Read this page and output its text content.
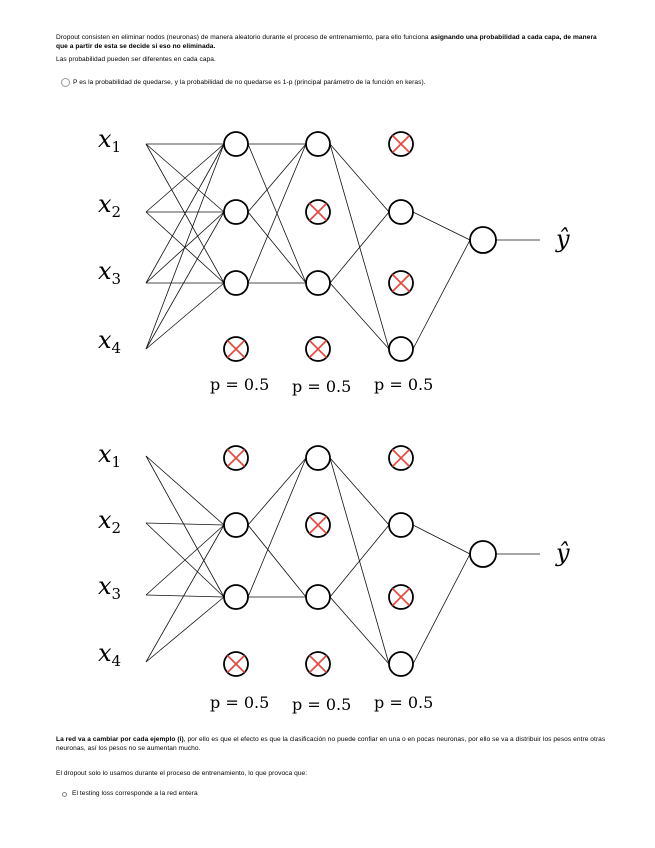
Dropout consisten en eliminar nodos (neuronas) de manera aleatorio durante el proceso de entrenamiento, para ello funciona asignando una probabilidad a cada capa, de manera que a partir de esta se decide si eso no eliminada.
Las probabilidad pueden ser diferentes en cada capa.
P es la probabilidad de quedarse, y la probabilidad de no quedarse es 1-p (principal parámetro de la función en keras).
$x_1$
$x_2$
$x_3$
$x_4$
$x_1$
$x_2$
$x_3$
$x_4$
ŷ
ŷ
p = 0.5
p = 0.5
p = 0.5
p = 0.5
p = 0.5
p = 0.5
La red va a cambiar por cada ejemplo (i), por ello es que el efecto es que la clasificación no puede confiar en una o en pocas neuronas, por ello se va a distribuir los pesos entre otras neuronas, así los pesos no se aumentan mucho.
El dropout solo lo usamos durante el proceso de entrenamiento, lo que provoca que:
El testing loss corresponde a la red entera
